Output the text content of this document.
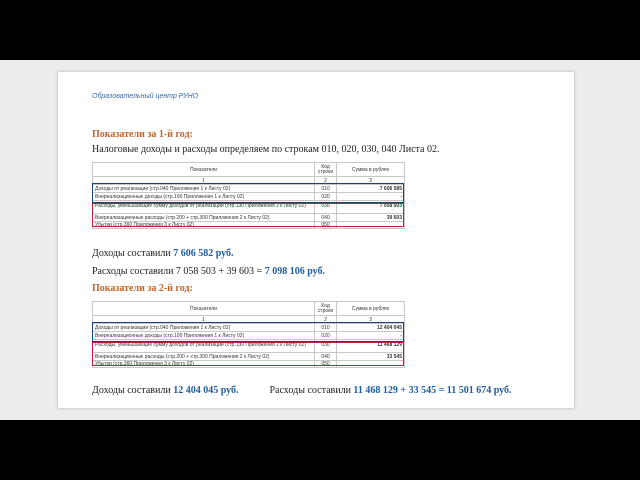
Образовательный центр РУНО
Показатели за 1-й год:
Налоговые доходы и расходы определяем по строкам 010, 020, 030, 040 Листа 02.
Показатели	Код строки	Сумма в рублях
1	2	3
Доходы от реализации (стр.040 Приложения 1 к Листу 02)	010	7 606 585
Внереализационные доходы (стр.100 Приложения 1 к Листу 02)	020	-
Расходы, уменьшающие сумму доходов от реализации (стр.130 Приложения 2 к Листу 02)	030	7 058 503
Внереализационные расходы (стр.200 + стр.300 Приложения 2 к Листу 02)	040	39 603
Убытки (стр.360 Приложения 3 к Листу 02)	050	
Доходы составили 7 606 582 руб.
Расходы составили 7 058 503 + 39 603 = 7 098 106 руб.
Показатели за 2-й год:
Показатели	Код строки	Сумма в рублях
1	2	3
Доходы от реализации (стр.040 Приложения 1 к Листу 02)	010	12 404 045
Внереализационные доходы (стр.100 Приложения 1 к Листу 02)	020	-
Расходы, уменьшающие сумму доходов от реализации (стр.130 Приложения 2 к Листу 02)	030	11 468 129
Внереализационные расходы (стр.200 + стр.300 Приложения 2 к Листу 02)	040	33 545
Убытки (стр.360 Приложения 3 к Листу 02)	050	
Доходы составили 12 404 045 руб.	Расходы составили 11 468 129 + 33 545 = 11 501 674 руб.
